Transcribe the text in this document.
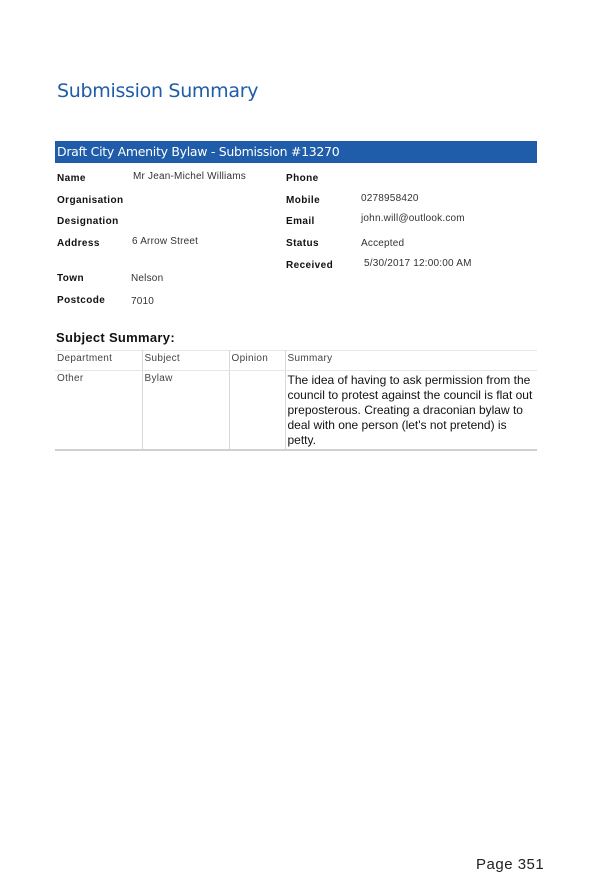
Submission Summary
Draft City Amenity Bylaw - Submission #13270
Name	Mr Jean-Michel Williams
Organisation
Designation
Address	6 Arrow Street
Town	Nelson
Postcode	7010
Phone
Mobile	0278958420
Email	john.will@outlook.com
Status	Accepted
Received	5/30/2017 12:00:00 AM
Subject Summary:
Department	Subject	Opinion	Summary
Other	Bylaw		The idea of having to ask permission from the council to protest against the council is flat out preposterous. Creating a draconian bylaw to deal with one person (let's not pretend) is petty.
Page 351
